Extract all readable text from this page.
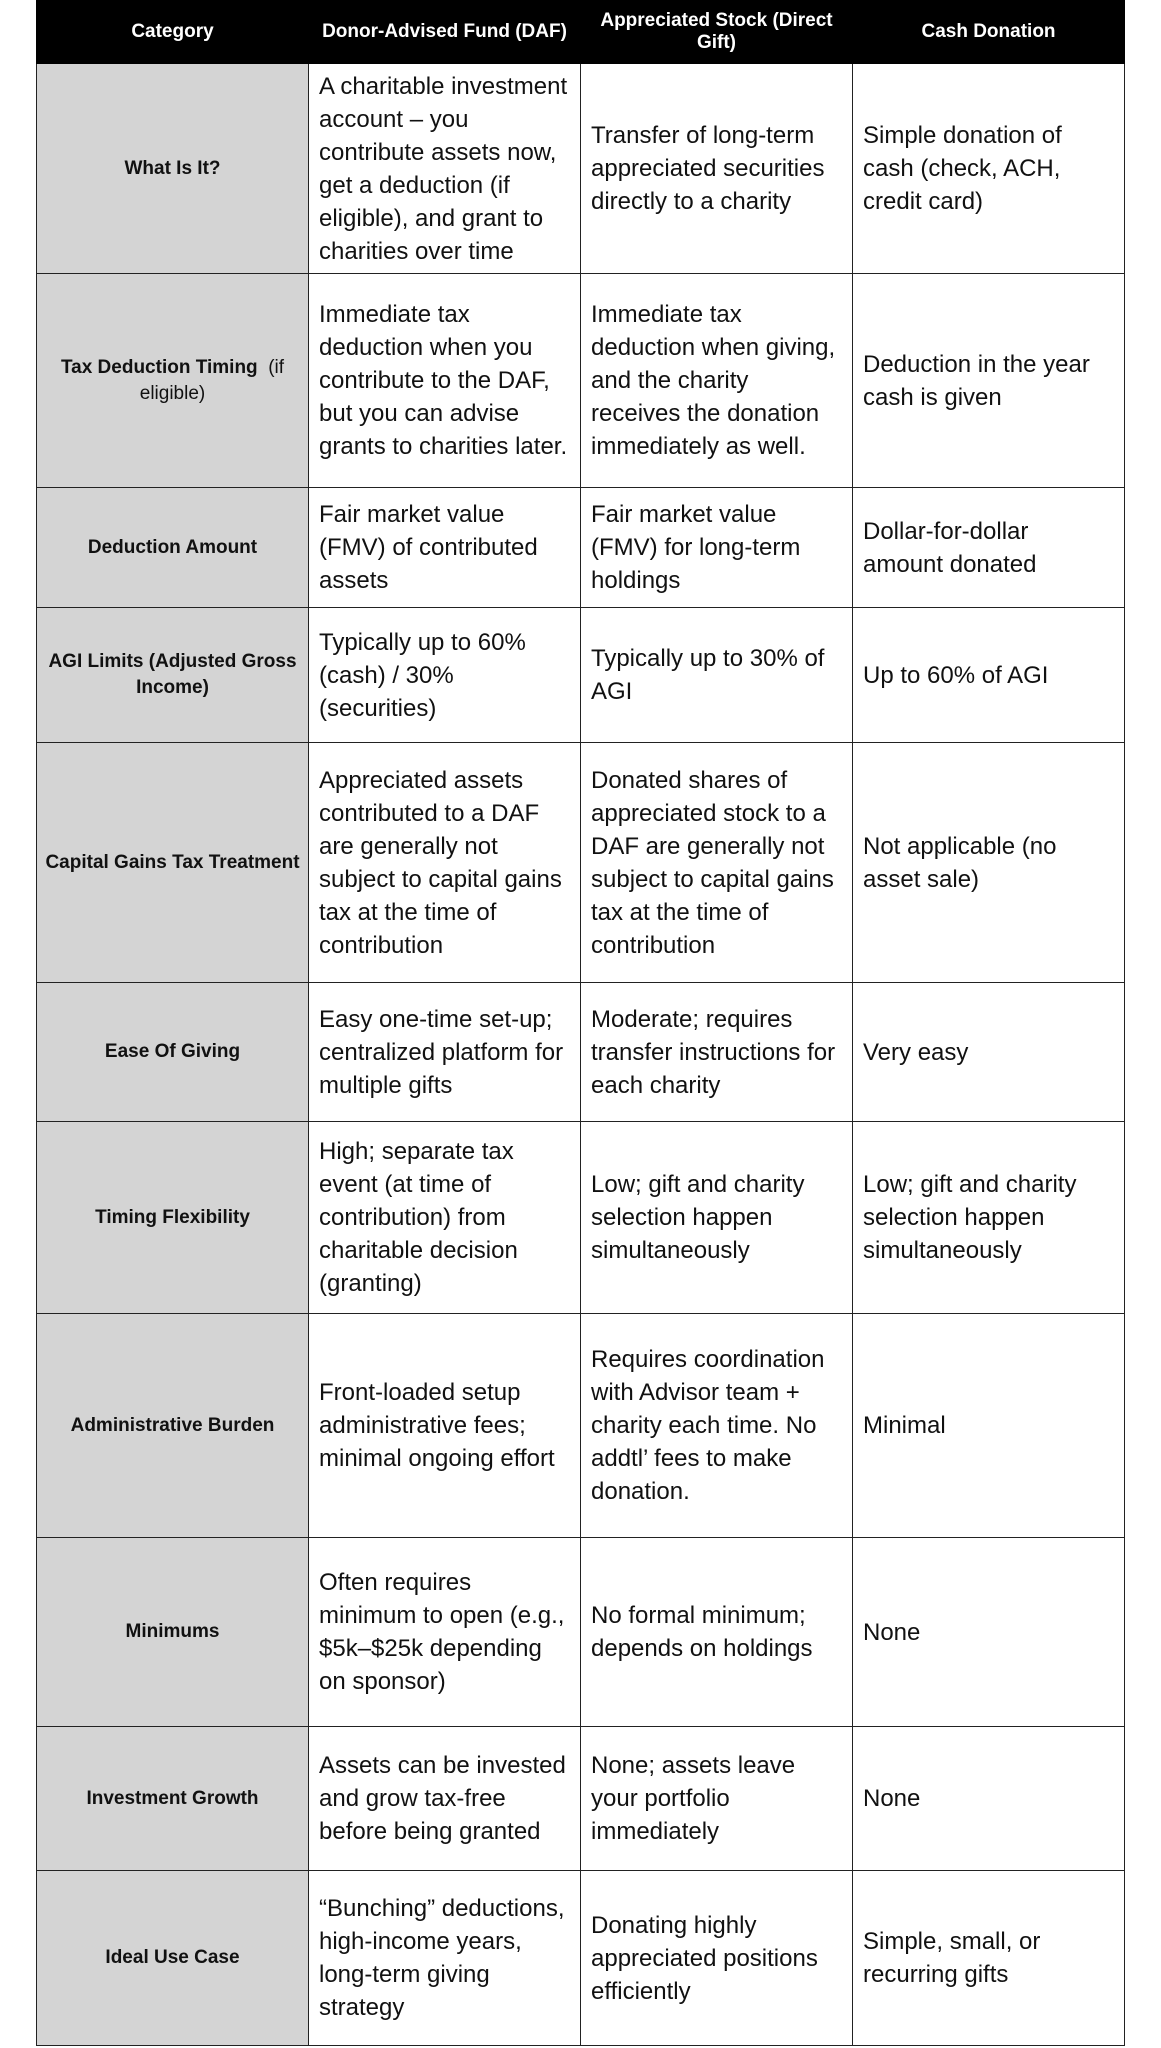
Category	Donor-Advised Fund (DAF)	Appreciated Stock (Direct Gift)	Cash Donation
What Is It?	A charitable investment account – you contribute assets now, get a deduction (if eligible), and grant to charities over time	Transfer of long-term appreciated securities directly to a charity	Simple donation of cash (check, ACH, credit card)
Tax Deduction Timing (if eligible)	Immediate tax deduction when you contribute to the DAF, but you can advise grants to charities later.	Immediate tax deduction when giving, and the charity receives the donation immediately as well.	Deduction in the year cash is given
Deduction Amount	Fair market value (FMV) of contributed assets	Fair market value (FMV) for long-term holdings	Dollar-for-dollar amount donated
AGI Limits (Adjusted Gross Income)	Typically up to 60% (cash) / 30% (securities)	Typically up to 30% of AGI	Up to 60% of AGI
Capital Gains Tax Treatment	Appreciated assets contributed to a DAF are generally not subject to capital gains tax at the time of contribution	Donated shares of appreciated stock to a DAF are generally not subject to capital gains tax at the time of contribution	Not applicable (no asset sale)
Ease Of Giving	Easy one-time set-up; centralized platform for multiple gifts	Moderate; requires transfer instructions for each charity	Very easy
Timing Flexibility	High; separate tax event (at time of contribution) from charitable decision (granting)	Low; gift and charity selection happen simultaneously	Low; gift and charity selection happen simultaneously
Administrative Burden	Front-loaded setup administrative fees; minimal ongoing effort	Requires coordination with Advisor team + charity each time. No addtl’ fees to make donation.	Minimal
Minimums	Often requires minimum to open (e.g., $5k–$25k depending on sponsor)	No formal minimum; depends on holdings	None
Investment Growth	Assets can be invested and grow tax-free before being granted	None; assets leave your portfolio immediately	None
Ideal Use Case	“Bunching” deductions, high-income years, long-term giving strategy	Donating highly appreciated positions efficiently	Simple, small, or recurring gifts
